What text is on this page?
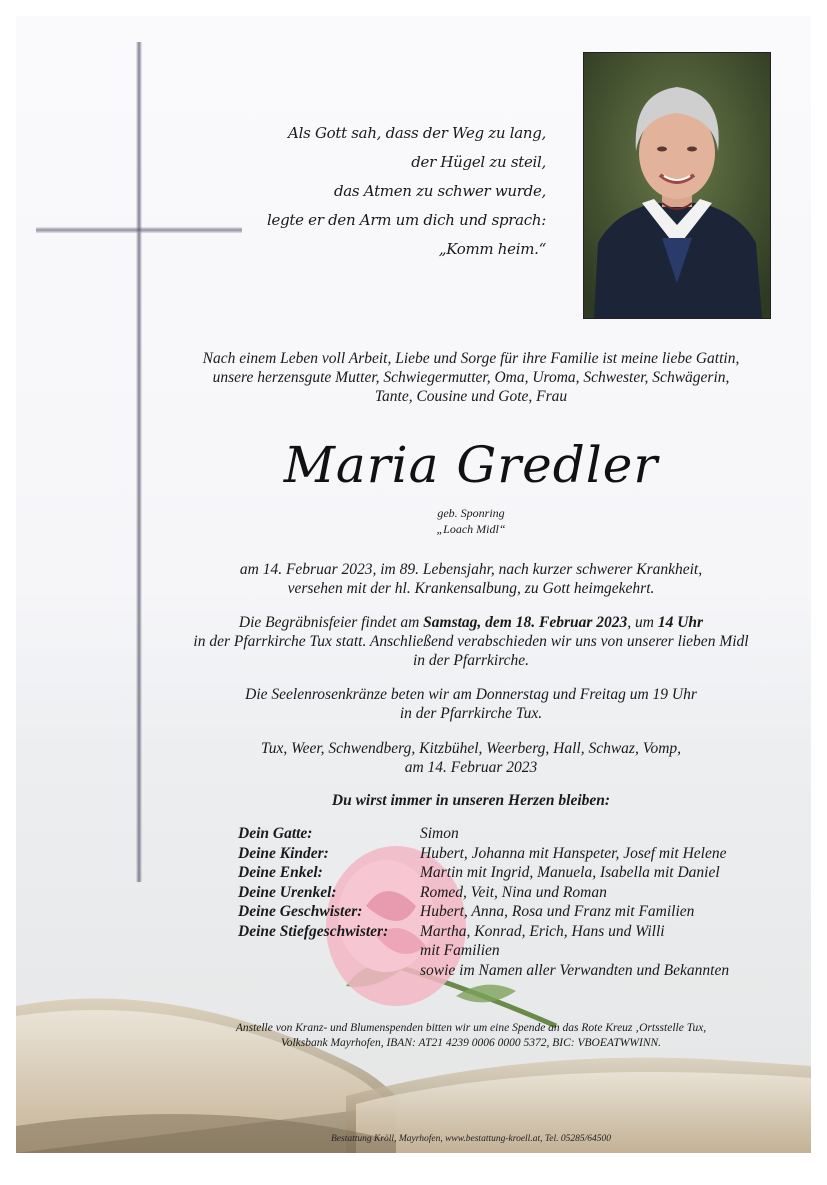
Als Gott sah, dass der Weg zu lang,
der Hügel zu steil,
das Atmen zu schwer wurde,
legte er den Arm um dich und sprach:
„Komm heim.“
Nach einem Leben voll Arbeit, Liebe und Sorge für ihre Familie ist meine liebe Gattin,
unsere herzensgute Mutter, Schwiegermutter, Oma, Uroma, Schwester, Schwägerin,
Tante, Cousine und Gote, Frau
Maria Gredler
geb. Sponring
„Loach Midl“
am 14. Februar 2023, im 89. Lebensjahr, nach kurzer schwerer Krankheit,
versehen mit der hl. Krankensalbung, zu Gott heimgekehrt.
Die Begräbnisfeier findet am Samstag, dem 18. Februar 2023, um 14 Uhr
in der Pfarrkirche Tux statt. Anschließend verabschieden wir uns von unserer lieben Midl
in der Pfarrkirche.
Die Seelenrosenkränze beten wir am Donnerstag und Freitag um 19 Uhr
in der Pfarrkirche Tux.
Tux, Weer, Schwendberg, Kitzbühel, Weerberg, Hall, Schwaz, Vomp,
am 14. Februar 2023
Du wirst immer in unseren Herzen bleiben:
Dein Gatte:	Simon
Deine Kinder:	Hubert, Johanna mit Hanspeter, Josef mit Helene
Deine Enkel:	Martin mit Ingrid, Manuela, Isabella mit Daniel
Deine Urenkel:	Romed, Veit, Nina und Roman
Deine Geschwister:	Hubert, Anna, Rosa und Franz mit Familien
Deine Stiefgeschwister:	Martha, Konrad, Erich, Hans und Willi
mit Familien
sowie im Namen aller Verwandten und Bekannten
Anstelle von Kranz- und Blumenspenden bitten wir um eine Spende an das Rote Kreuz ‚Ortsstelle Tux,
Volksbank Mayrhofen, IBAN: AT21 4239 0006 0000 5372, BIC: VBOEATWWINN.
Bestattung Kröll, Mayrhofen, www.bestattung-kroell.at, Tel. 05285/64500
